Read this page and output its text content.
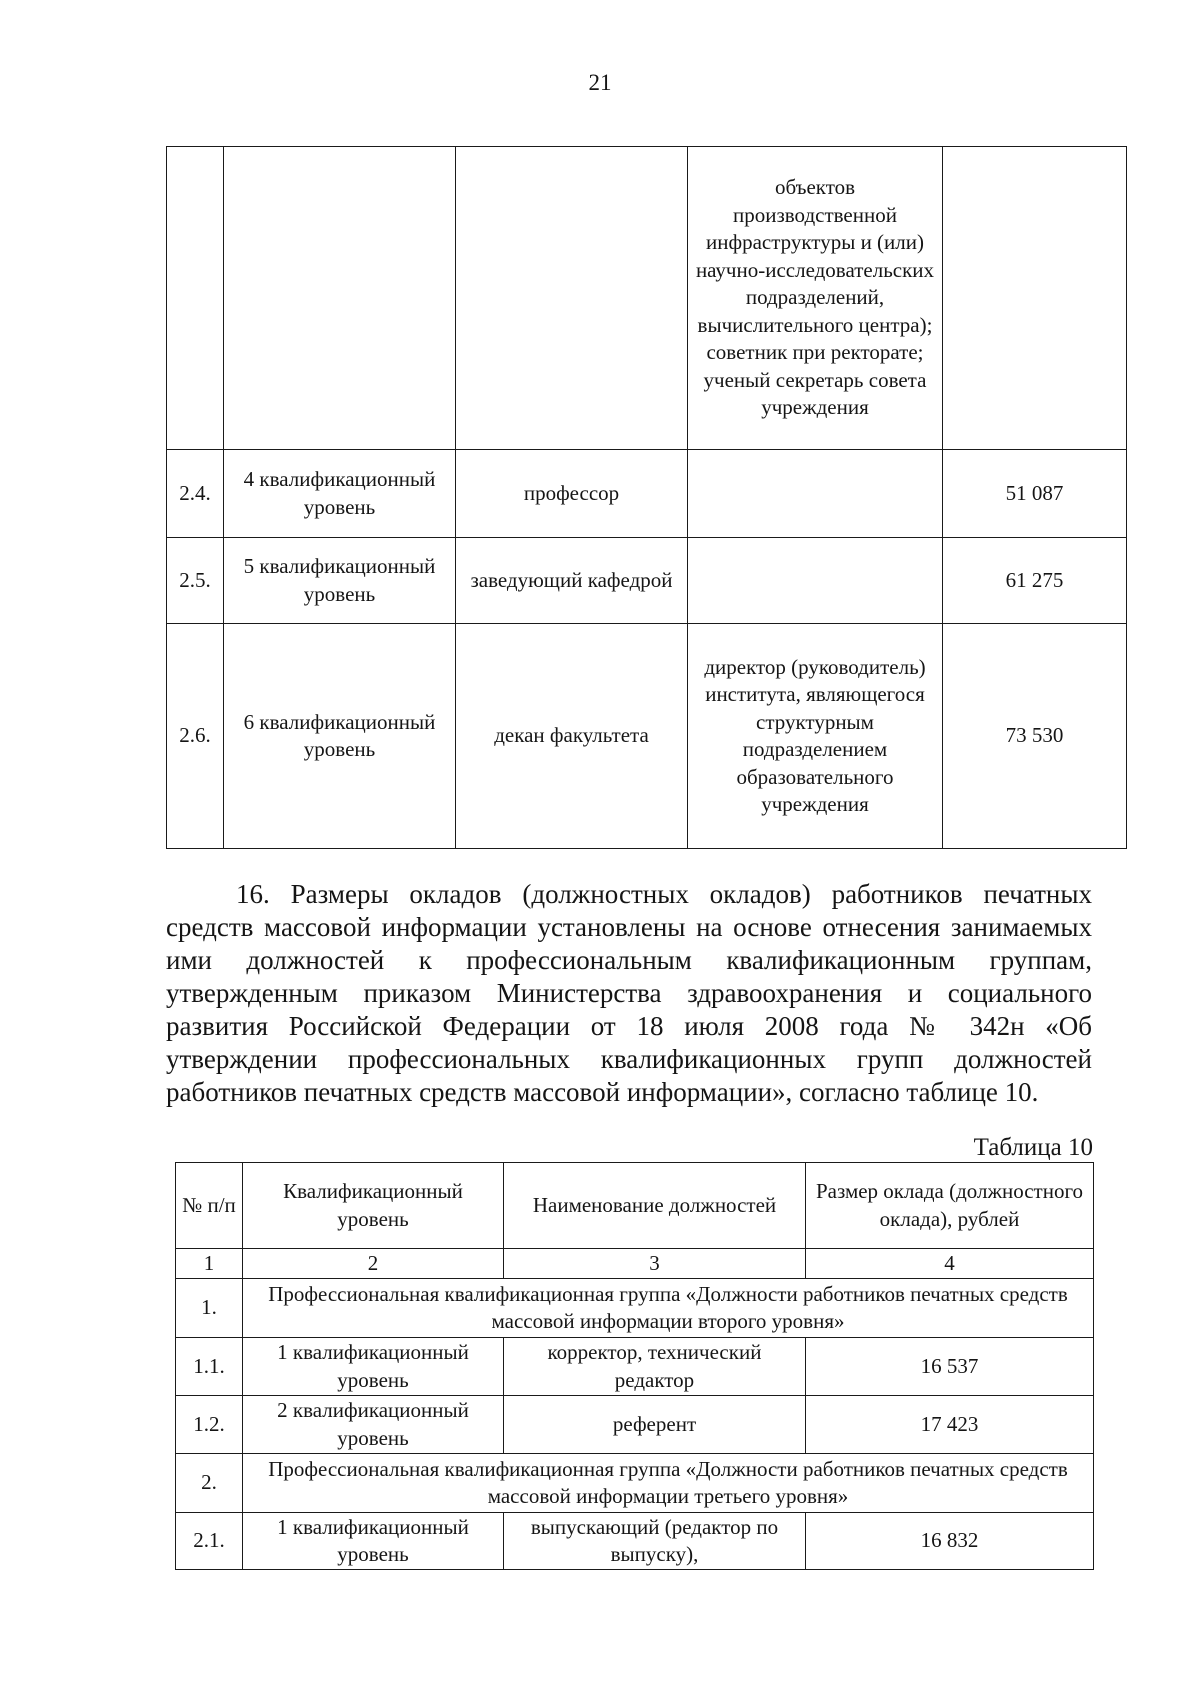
21
			объектов производственной инфраструктуры и (или) научно-исследовательских подразделений, вычислительного центра); советник при ректорате; ученый секретарь совета учреждения	
2.4.	4 квалификационный уровень	профессор		51 087
2.5.	5 квалификационный уровень	заведующий кафедрой		61 275
2.6.	6 квалификационный уровень	декан факультета	директор (руководитель) института, являющегося структурным подразделением образовательного учреждения	73 530

16. Размеры окладов (должностных окладов) работников печатных средств массовой информации установлены на основе отнесения занимаемых ими должностей к профессиональным квалификационным группам, утвержденным приказом Министерства здравоохранения и социального развития Российской Федерации от 18 июля 2008 года № 342н «Об утверждении профессиональных квалификационных групп должностей работников печатных средств массовой информации», согласно таблице 10.

Таблица 10
№ п/п	Квалификационный уровень	Наименование должностей	Размер оклада (должностного оклада), рублей
1	2	3	4
1.	Профессиональная квалификационная группа «Должности работников печатных средств массовой информации второго уровня»		
1.1.	1 квалификационный уровень	корректор, технический редактор	16 537
1.2.	2 квалификационный уровень	референт	17 423
2.	Профессиональная квалификационная группа «Должности работников печатных средств массовой информации третьего уровня»		
2.1.	1 квалификационный уровень	выпускающий (редактор по выпуску),	16 832
